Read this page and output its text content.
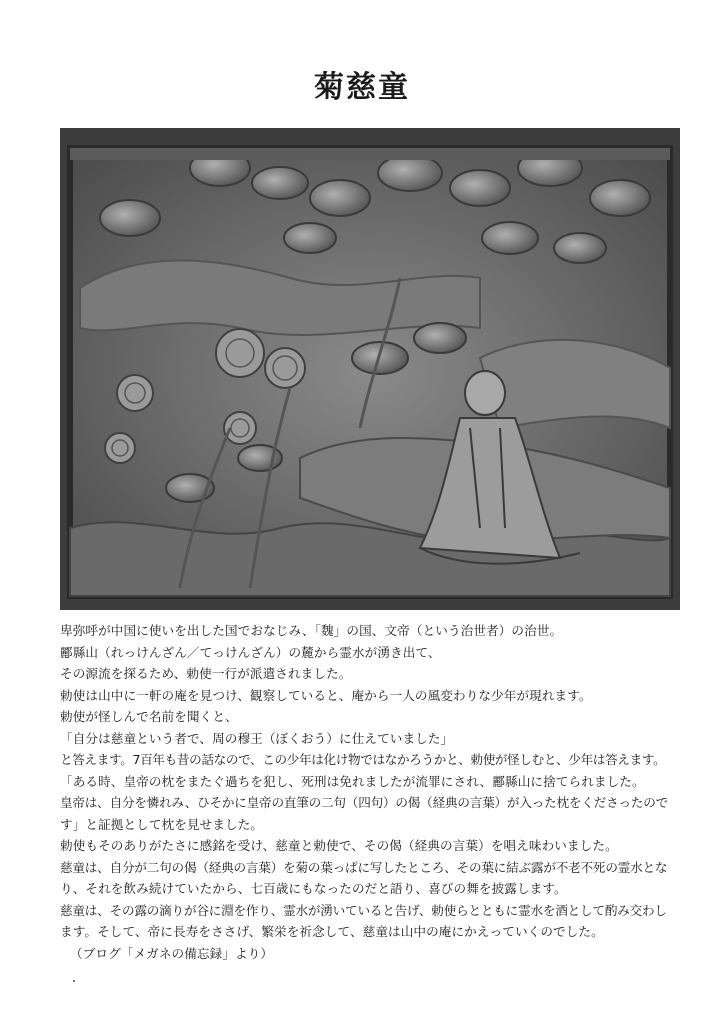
菊慈童
卑弥呼が中国に使いを出した国でおなじみ、「魏」の国、文帝（という治世者）の治世。
酈縣山（れっけんざん／てっけんざん）の麓から霊水が湧き出て、
その源流を探るため、勅使一行が派遣されました。
勅使は山中に一軒の庵を見つけ、観察していると、庵から一人の風変わりな少年が現れます。
勅使が怪しんで名前を聞くと、
「自分は慈童という者で、周の穆王（ぼくおう）に仕えていました」
と答えます。7百年も昔の話なので、この少年は化け物ではなかろうかと、勅使が怪しむと、少年は答えます。
「ある時、皇帝の枕をまたぐ過ちを犯し、死刑は免れましたが流罪にされ、酈縣山に捨てられました。
皇帝は、自分を憐れみ、ひそかに皇帝の直筆の二句（四句）の偈（経典の言葉）が入った枕をくださったので
す」と証拠として枕を見せました。
勅使もそのありがたさに感銘を受け、慈童と勅使で、その偈（経典の言葉）を唱え味わいました。
慈童は、自分が二句の偈（経典の言葉）を菊の葉っぱに写したところ、その葉に結ぶ露が不老不死の霊水とな
り、それを飲み続けていたから、七百歳にもなったのだと語り、喜びの舞を披露します。
慈童は、その露の滴りが谷に淵を作り、霊水が湧いていると告げ、勅使らとともに霊水を酒として酌み交わし
ます。そして、帝に長寿をささげ、繁栄を祈念して、慈童は山中の庵にかえっていくのでした。
（ブログ「メガネの備忘録」より）
